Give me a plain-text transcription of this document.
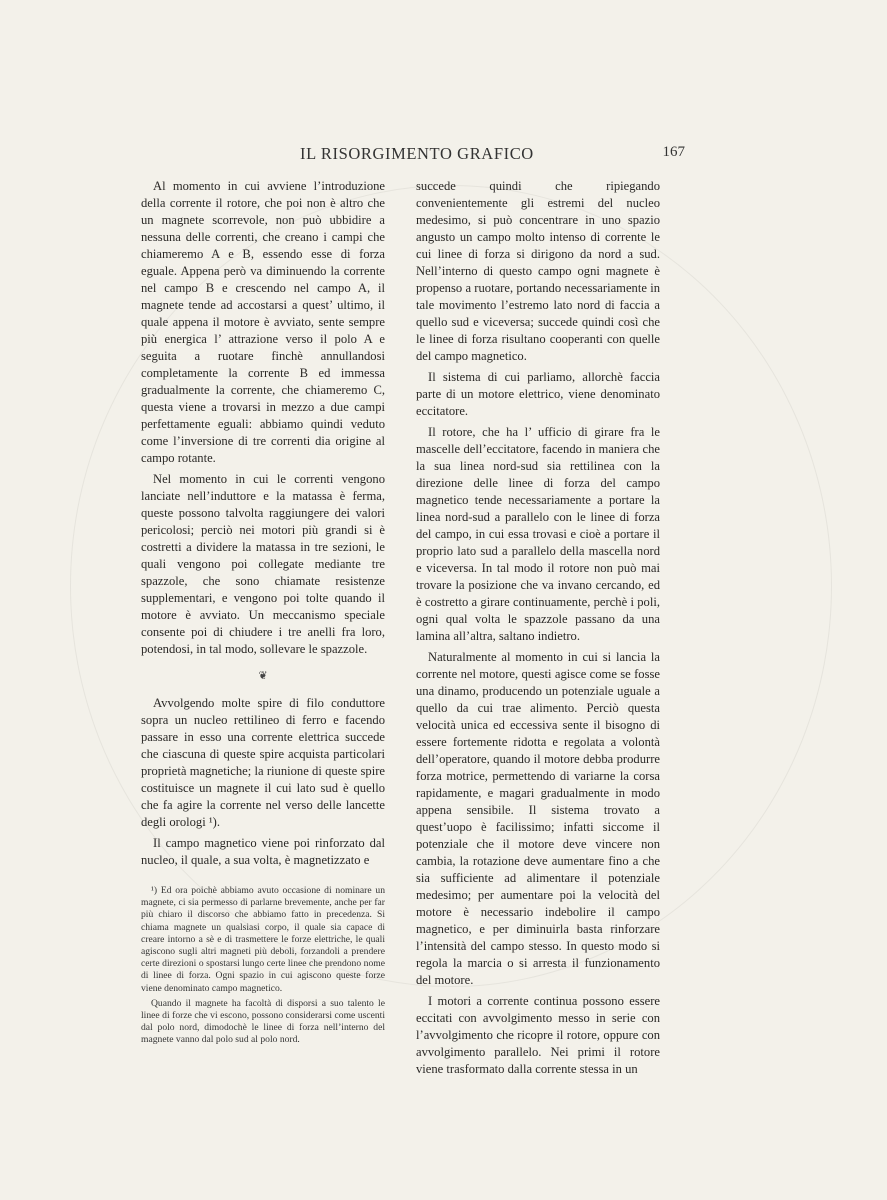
IL RISORGIMENTO GRAFICO	167

Al momento in cui avviene l’introduzione della corrente il rotore, che poi non è altro che un magnete scorrevole, non può ubbidire a nessuna delle correnti, che creano i campi che chiameremo A e B, essendo esse di forza eguale. Appena però va diminuendo la corrente nel campo B e crescendo nel campo A, il magnete tende ad accostarsi a quest’ ultimo, il quale appena il motore è avviato, sente sempre più energica l’ attrazione verso il polo A e seguita a ruotare finchè annullandosi completamente la corrente B ed immessa gradualmente la corrente, che chiameremo C, questa viene a trovarsi in mezzo a due campi perfettamente eguali: abbiamo quindi veduto come l’inversione di tre correnti dia origine al campo rotante.

Nel momento in cui le correnti vengono lanciate nell’induttore e la matassa è ferma, queste possono talvolta raggiungere dei valori pericolosi; perciò nei motori più grandi si è costretti a dividere la matassa in tre sezioni, le quali vengono poi collegate mediante tre spazzole, che sono chiamate resistenze supplementari, e vengono poi tolte quando il motore è avviato. Un meccanismo speciale consente poi di chiudere i tre anelli fra loro, potendosi, in tal modo, sollevare le spazzole.

❦

Avvolgendo molte spire di filo conduttore sopra un nucleo rettilineo di ferro e facendo passare in esso una corrente elettrica succede che ciascuna di queste spire acquista particolari proprietà magnetiche; la riunione di queste spire costituisce un magnete il cui lato sud è quello che fa agire la corrente nel verso delle lancette degli orologi ¹).

Il campo magnetico viene poi rinforzato dal nucleo, il quale, a sua volta, è magnetizzato e

¹) Ed ora poichè abbiamo avuto occasione di nominare un magnete, ci sia permesso di parlarne brevemente, anche per far più chiaro il discorso che abbiamo fatto in precedenza. Si chiama magnete un qualsiasi corpo, il quale sia capace di creare intorno a sè e di trasmettere le forze elettriche, le quali agiscono sugli altri magneti più deboli, forzandoli a prendere certe direzioni o spostarsi lungo certe linee che prendono nome di linee di forza. Ogni spazio in cui agiscono queste forze viene denominato campo magnetico.

Quando il magnete ha facoltà di disporsi a suo talento le linee di forze che vi escono, possono considerarsi come uscenti dal polo nord, dimodochè le linee di forza nell’interno del magnete vanno dal polo sud al polo nord.

succede quindi che ripiegando convenientemente gli estremi del nucleo medesimo, si può concentrare in uno spazio angusto un campo molto intenso di corrente le cui linee di forza si dirigono da nord a sud. Nell’interno di questo campo ogni magnete è propenso a ruotare, portando necessariamente in tale movimento l’estremo lato nord di faccia a quello sud e viceversa; succede quindi così che le linee di forza risultano cooperanti con quelle del campo magnetico.

Il sistema di cui parliamo, allorchè faccia parte di un motore elettrico, viene denominato eccitatore.

Il rotore, che ha l’ ufficio di girare fra le mascelle dell’eccitatore, facendo in maniera che la sua linea nord-sud sia rettilinea con la direzione delle linee di forza del campo magnetico tende necessariamente a portare la linea nord-sud a parallelo con le linee di forza del campo, in cui essa trovasi e cioè a portare il proprio lato sud a parallelo della mascella nord e viceversa. In tal modo il rotore non può mai trovare la posizione che va invano cercando, ed è costretto a girare continuamente, perchè i poli, ogni qual volta le spazzole passano da una lamina all’altra, saltano indietro.

Naturalmente al momento in cui si lancia la corrente nel motore, questi agisce come se fosse una dinamo, producendo un potenziale uguale a quello da cui trae alimento. Perciò questa velocità unica ed eccessiva sente il bisogno di essere fortemente ridotta e regolata a volontà dell’operatore, quando il motore debba produrre forza motrice, permettendo di variarne la corsa rapidamente, e magari gradualmente in modo appena sensibile. Il sistema trovato a quest’uopo è facilissimo; infatti siccome il potenziale che il motore deve vincere non cambia, la rotazione deve aumentare fino a che sia sufficiente ad alimentare il potenziale medesimo; per aumentare poi la velocità del motore è necessario indebolire il campo magnetico, e per diminuirla basta rinforzare l’intensità del campo stesso. In questo modo si regola la marcia o si arresta il funzionamento del motore.

I motori a corrente continua possono essere eccitati con avvolgimento messo in serie con l’avvolgimento che ricopre il rotore, oppure con avvolgimento parallelo. Nei primi il rotore viene trasformato dalla corrente stessa in un
